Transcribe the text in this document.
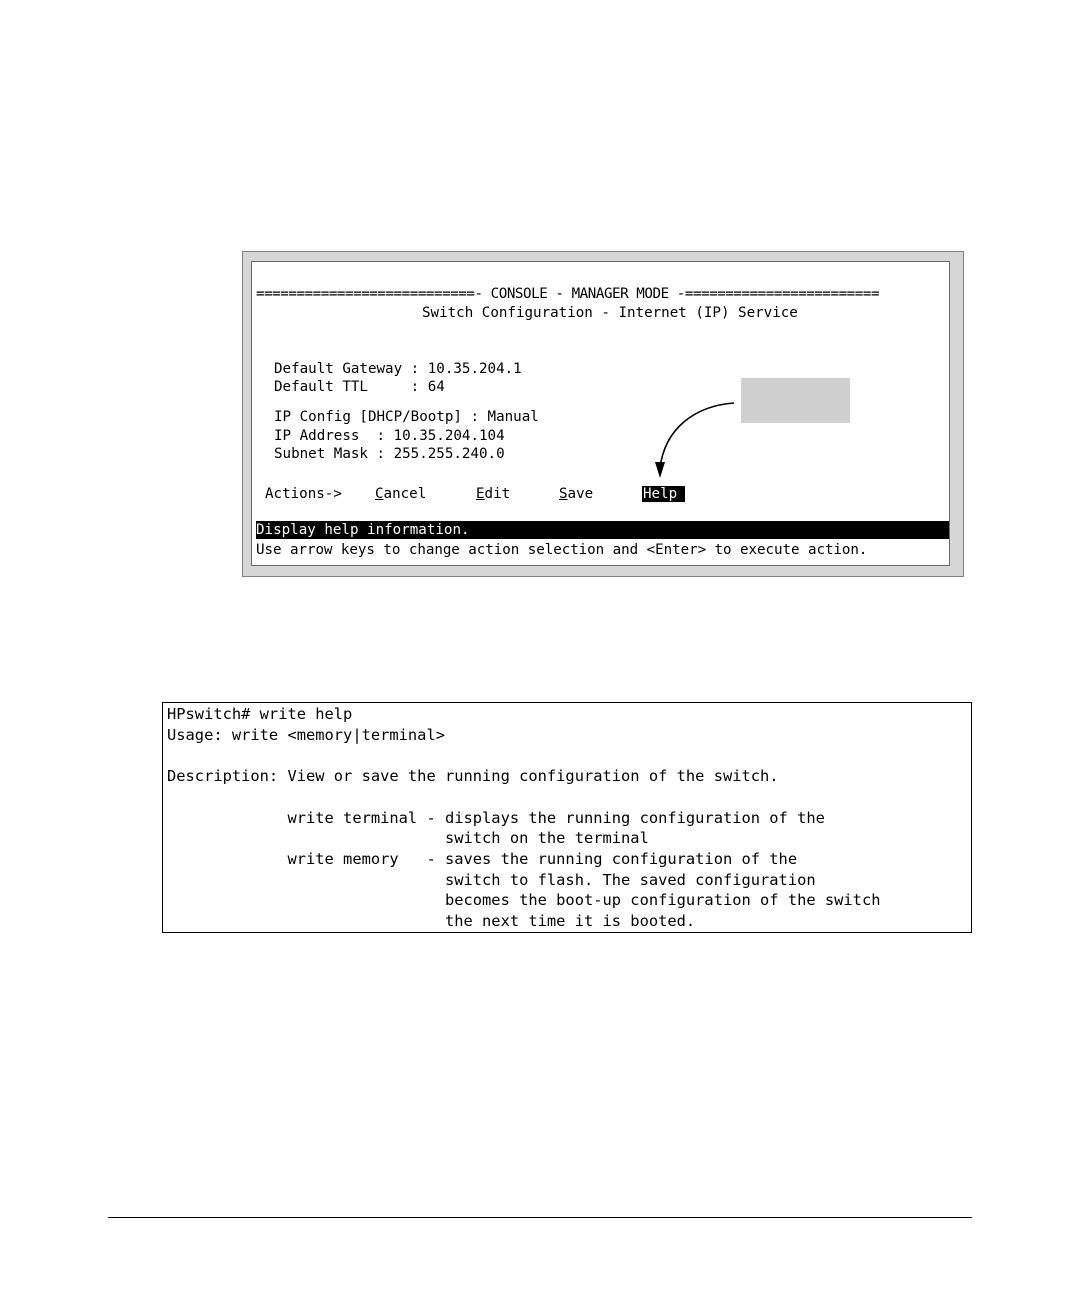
===========================- CONSOLE - MANAGER MODE -========================
Switch Configuration - Internet (IP) Service
Default Gateway : 10.35.204.1
Default TTL     : 64
IP Config [DHCP/Bootp] : Manual
IP Address  : 10.35.204.104
Subnet Mask : 255.255.240.0
Actions-> Cancel	Edit	Save	Help
Display help information.
Use arrow keys to change action selection and <Enter> to execute action.
HPswitch# write help
Usage: write <memory|terminal>
Description: View or save the running configuration of the switch.
write terminal - displays the running configuration of the
switch on the terminal
write memory   - saves the running configuration of the
switch to flash. The saved configuration
becomes the boot-up configuration of the switch
the next time it is booted.
